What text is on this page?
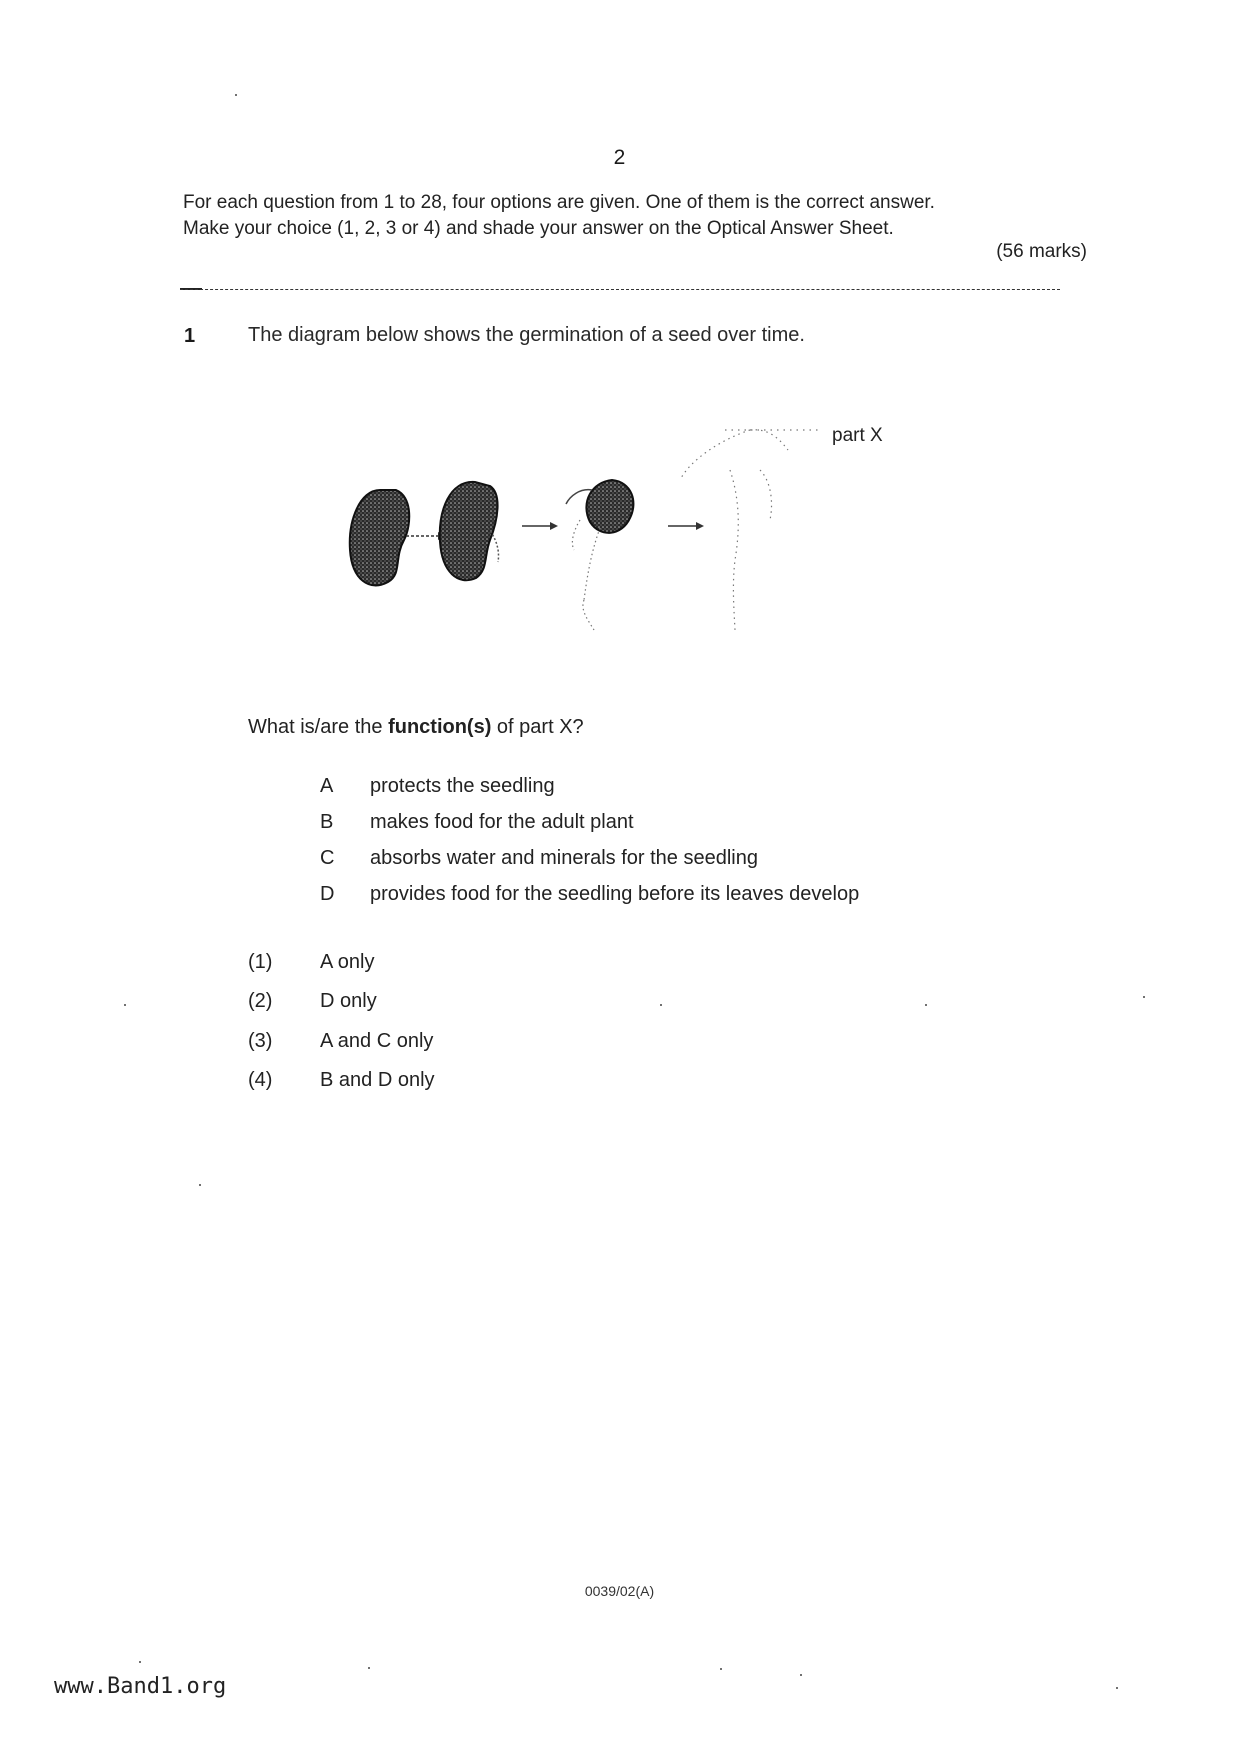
2
For each question from 1 to 28, four options are given. One of them is the correct answer.
Make your choice (1, 2, 3 or 4) and shade your answer on the Optical Answer Sheet.
(56 marks)
1	The diagram below shows the germination of a seed over time.
part X
What is/are the function(s) of part X?
A protects the seedling
B makes food for the adult plant
C absorbs water and minerals for the seedling
D provides food for the seedling before its leaves develop
(1) A only
(2) D only
(3) A and C only
(4) B and D only
0039/02(A)
www.Band1.org
